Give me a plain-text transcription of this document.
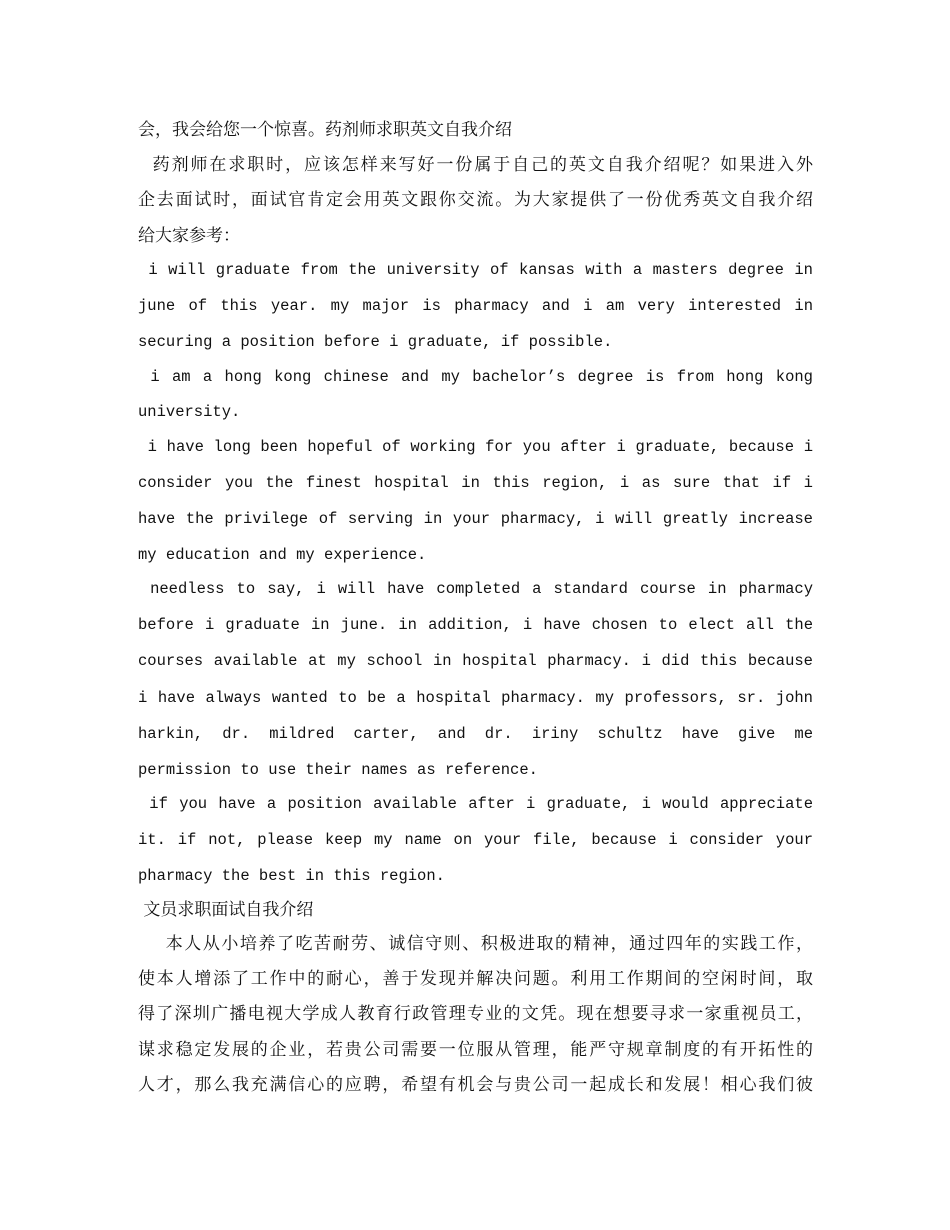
会，我会给您一个惊喜。药剂师求职英文自我介绍

药剂师在求职时，应该怎样来写好一份属于自己的英文自我介绍呢？如果进入外

企去面试时，面试官肯定会用英文跟你交流。为大家提供了一份优秀英文自我介绍

给大家参考：

i will graduate from the university of kansas with a masters degree in

june of this year. my major is pharmacy and i am very interested in

securing a position before i graduate, if possible.

i am a hong kong chinese and my bachelor’s degree is from hong kong

university.

i have long been hopeful of working for you after i graduate, because i

consider you the finest hospital in this region, i as sure that if i

have the privilege of serving in your pharmacy, i will greatly increase

my education and my experience.

needless to say, i will have completed a standard course in pharmacy

before i graduate in june. in addition, i have chosen to elect all the

courses available at my school in hospital pharmacy. i did this because

i have always wanted to be a hospital pharmacy. my professors, sr. john

harkin, dr. mildred carter, and dr. iriny schultz have give me

permission to use their names as reference.

if you have a position available after i graduate, i would appreciate

it. if not, please keep my name on your file, because i consider your

pharmacy the best in this region.

文员求职面试自我介绍

本人从小培养了吃苦耐劳、诚信守则、积极进取的精神，通过四年的实践工作，

使本人增添了工作中的耐心，善于发现并解决问题。利用工作期间的空闲时间，取

得了深圳广播电视大学成人教育行政管理专业的文凭。现在想要寻求一家重视员工，

谋求稳定发展的企业，若贵公司需要一位服从管理，能严守规章制度的有开拓性的

人才，那么我充满信心的应聘，希望有机会与贵公司一起成长和发展！相心我们彼
